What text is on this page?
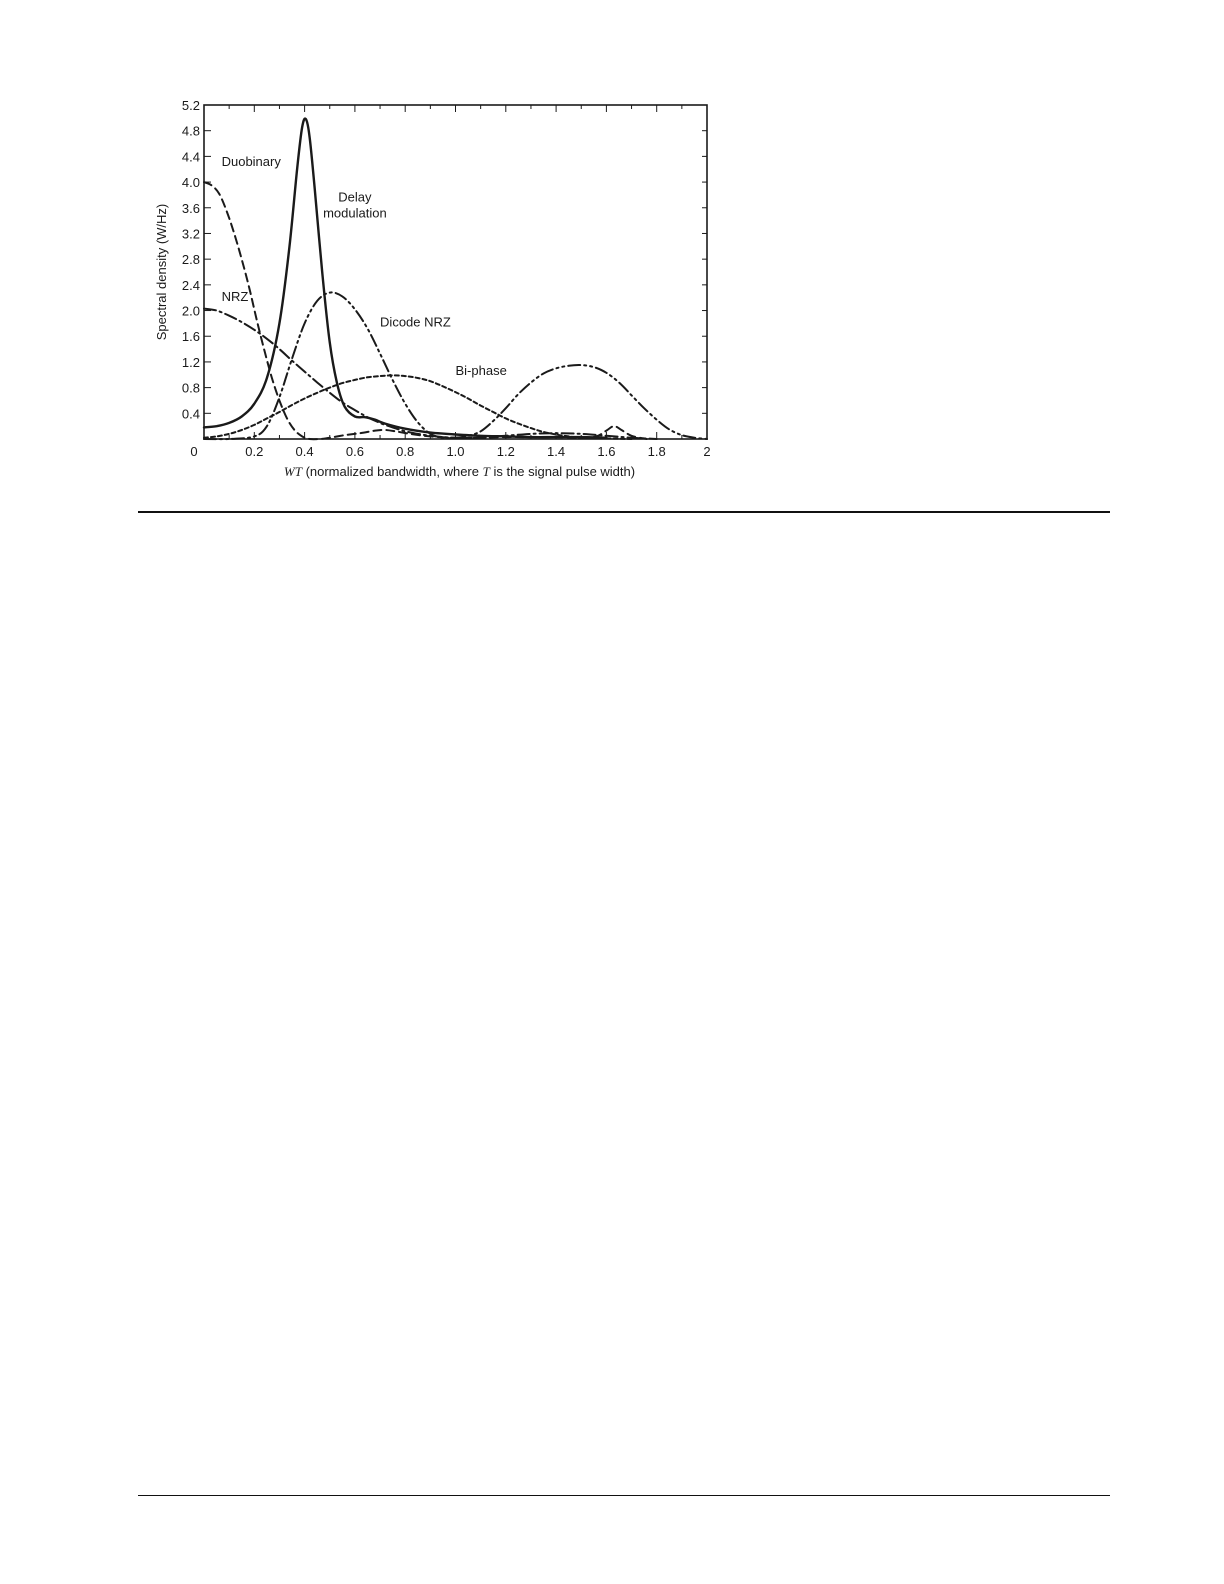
0	0.2 0.4 0.6 0.8 1.0 1.2 1.4 1.6 1.8	2
0.4
0.8
1.2
1.6
2.0
2.4
2.8
3.2
3.6
4.0
4.4
4.8
5.2
Duobinary
Delay modulation
NRZ
Dicode NRZ
Bi-phase
Spectral density (W/Hz)
WT (normalized bandwidth, where T is the signal pulse width)
